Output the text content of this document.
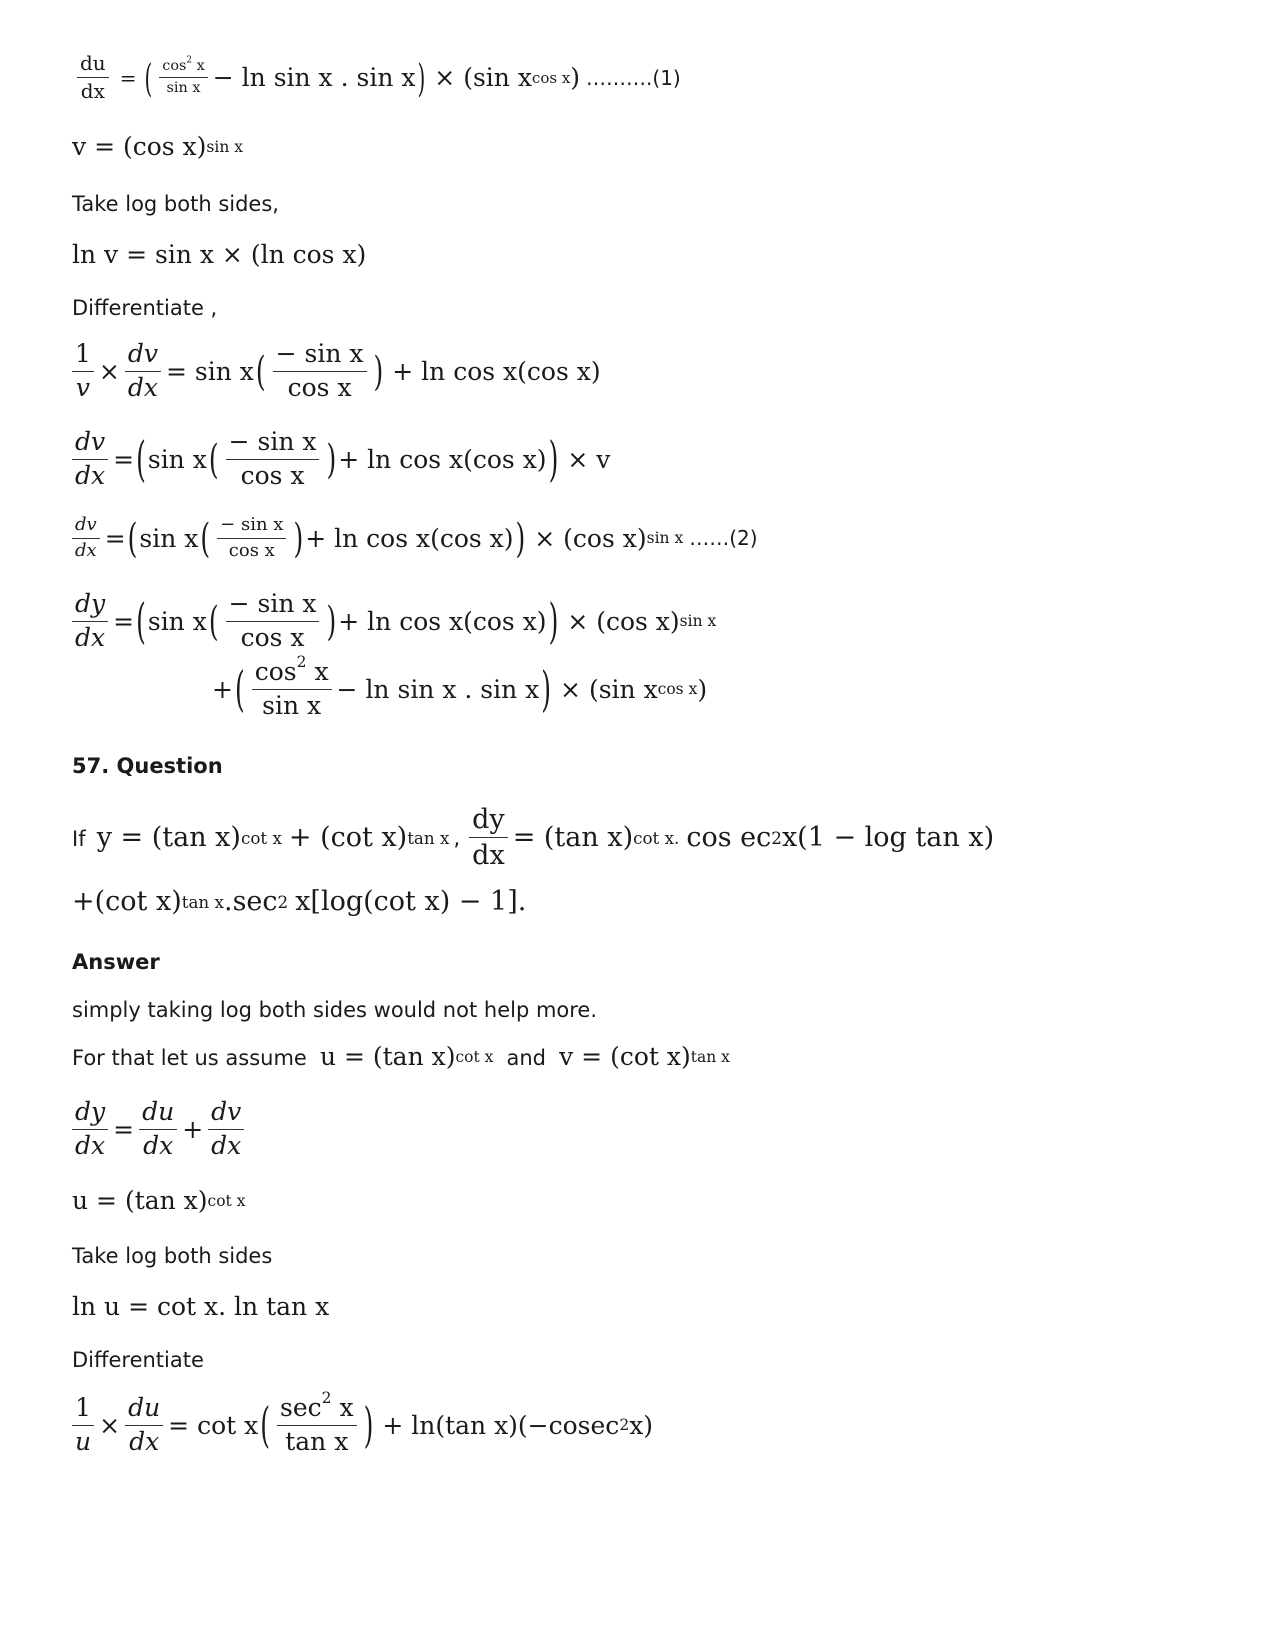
$\frac{du}{dx}$ = ( $\frac{\cos^2 x}{\text{sin x}} - \ln \sin x$ . sin x ) × (sin x cos x ) ……….(1)
v = (cos x) sin x
Take log both sides,
ln v = sin x × (ln cos x)
Differentiate ,
$\frac{1}{v} \times \frac{dv}{dx} = \sin x$ ( $\frac{\text{− sin x}}{\text{cos x}}$ ) + ln cos x(cos x)
$\frac{dv}{dx}$ = ( sin x ( $\frac{\text{− sin x}}{\text{cos x}}$ ) + ln cos x(cos x) ) × v
$\frac{dv}{dx}$ = ( sin x ( $\frac{\text{− sin x}}{\text{cos x}}$ ) + ln cos x(cos x) ) × (cos x) sin x ……(2)
$\frac{dy}{dx}$ = ( sin x ( $\frac{\text{− sin x}}{\text{cos x}}$ ) + ln cos x(cos x) ) × (cos x) sin x
+ ( $\frac{\cos^2 x}{\text{sin x}} - \ln \sin x$ . sin x ) × (sin x cos x )
57. Question
If y = (tan x) cot x + (cot x) tan x , $\frac{dy}{dx} = (\tan$ x) cot x. cos ec 2 x(1 − log tan x)
+(cot x) tan x .sec 2 x[log(cot x) − 1].
Answer
simply taking log both sides would not help more.
For that let us assume u = (tan x) cot x and v = (cot x) tan x
$\frac{dy}{dx} = \frac{du}{dx} + \frac{dv}{dx}$
u = (tan x) cot x
Take log both sides
ln u = cot x. ln tan x
Differentiate
$\frac{1}{u} \times \frac{du}{dx} = \cot x$ ( $\frac{\sec^2 x}{\text{tan x}}$ ) + ln(tan x)(−cosec 2 x)
